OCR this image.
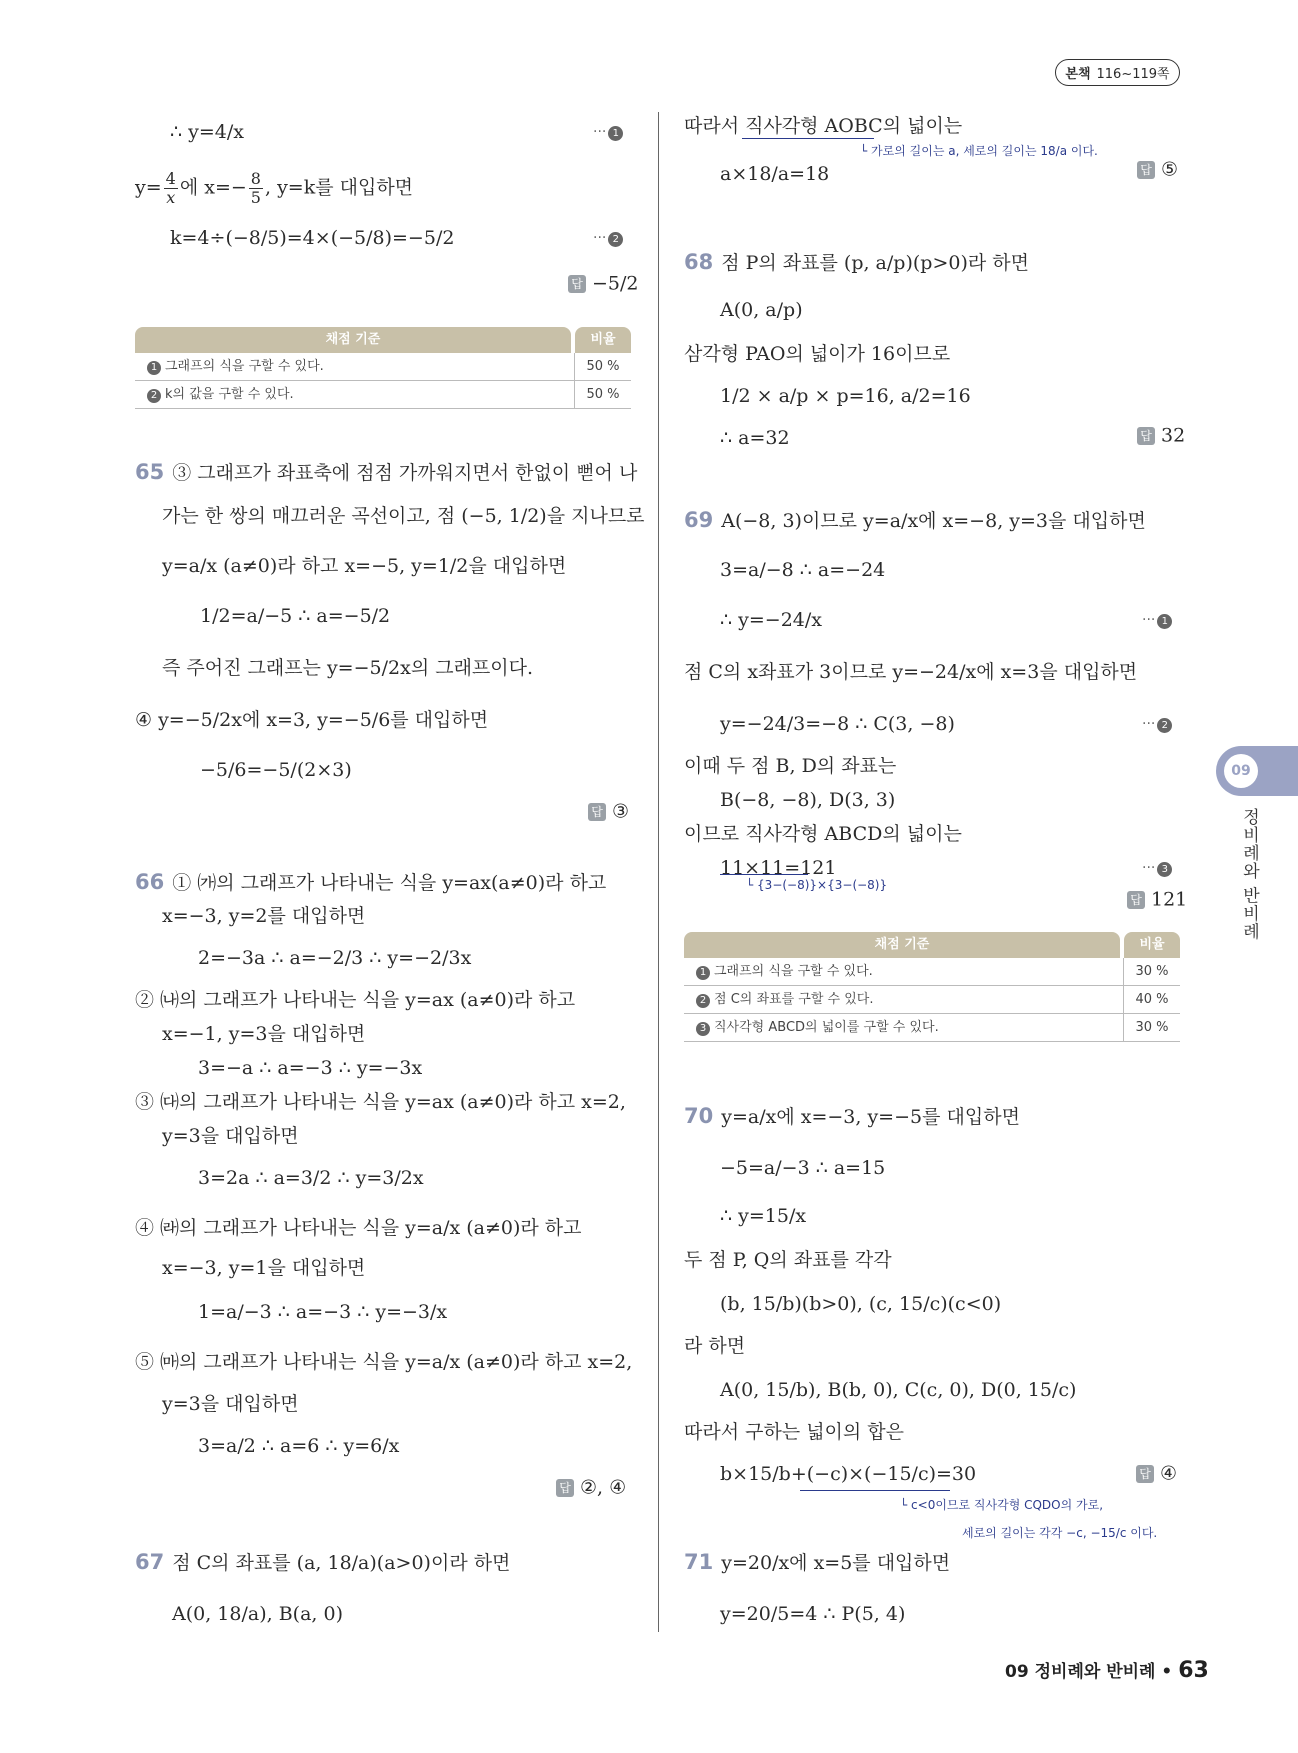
본책 116~119쪽
∴ y=4/x	··· 1
$y= \frac{4}{x}$ 에 $x=- \frac{8}{5}$ , y=k를 대입하면
k=4÷(−8/5)=4×(−5/8)=−5/2	··· 2
답 −5/2
채점 기준	비율
1 그래프의 식을 구할 수 있다.	50 %
2 k의 값을 구할 수 있다.	50 %
65 ③ 그래프가 좌표축에 점점 가까워지면서 한없이 뻗어 나
가는 한 쌍의 매끄러운 곡선이고, 점 (−5, 1/2)을 지나므로
y=a/x (a≠0)라 하고 x=−5, y=1/2을 대입하면
1/2=a/−5 ∴ a=−5/2
즉 주어진 그래프는 y=−5/2x의 그래프이다.
④ y=−5/2x에 x=3, y=−5/6를 대입하면
−5/6=−5/(2×3)
답 ③
66 ① ㈎의 그래프가 나타내는 식을 y=ax(a≠0)라 하고
x=−3, y=2를 대입하면
2=−3a ∴ a=−2/3 ∴ y=−2/3x
② ㈏의 그래프가 나타내는 식을 y=ax (a≠0)라 하고
x=−1, y=3을 대입하면
3=−a ∴ a=−3 ∴ y=−3x
③ ㈐의 그래프가 나타내는 식을 y=ax (a≠0)라 하고 x=2,
y=3을 대입하면
3=2a ∴ a=3/2 ∴ y=3/2x
④ ㈑의 그래프가 나타내는 식을 y=a/x (a≠0)라 하고
x=−3, y=1을 대입하면
1=a/−3 ∴ a=−3 ∴ y=−3/x
⑤ ㈒의 그래프가 나타내는 식을 y=a/x (a≠0)라 하고 x=2,
y=3을 대입하면
3=a/2 ∴ a=6 ∴ y=6/x
답 ②, ④
67 점 C의 좌표를 (a, 18/a)(a>0)이라 하면
A(0, 18/a), B(a, 0)
따라서 직사각형 AOBC의 넓이는
└ 가로의 길이는 a, 세로의 길이는 18/a 이다.
a×18/a=18	답 ⑤
68 점 P의 좌표를 (p, a/p)(p>0)라 하면
A(0, a/p)
삼각형 PAO의 넓이가 16이므로
1/2 × a/p × p=16, a/2=16
∴ a=32	답 32
69 A(−8, 3)이므로 y=a/x에 x=−8, y=3을 대입하면
3=a/−8 ∴ a=−24
∴ y=−24/x	··· 1
점 C의 x좌표가 3이므로 y=−24/x에 x=3을 대입하면
y=−24/3=−8 ∴ C(3, −8)	··· 2
이때 두 점 B, D의 좌표는
B(−8, −8), D(3, 3)
이므로 직사각형 ABCD의 넓이는
11×11=121
└ {3−(−8)}×{3−(−8)}
··· 3
답 121
채점 기준	비율
1 그래프의 식을 구할 수 있다.	30 %
2 점 C의 좌표를 구할 수 있다.	40 %
3 직사각형 ABCD의 넓이를 구할 수 있다.	30 %
70 y=a/x에 x=−3, y=−5를 대입하면
−5=a/−3 ∴ a=15
∴ y=15/x
두 점 P, Q의 좌표를 각각
(b, 15/b)(b>0), (c, 15/c)(c<0)
라 하면
A(0, 15/b), B(b, 0), C(c, 0), D(0, 15/c)
따라서 구하는 넓이의 합은
b×15/b+(−c)×(−15/c)=30
└ c<0이므로 직사각형 CQDO의 가로,
세로의 길이는 각각 −c, −15/c 이다.
답 ④
71 y=20/x에 x=5를 대입하면
y=20/5=4 ∴ P(5, 4)
09
정비례와 반비례
09 정비례와 반비례 • 63
